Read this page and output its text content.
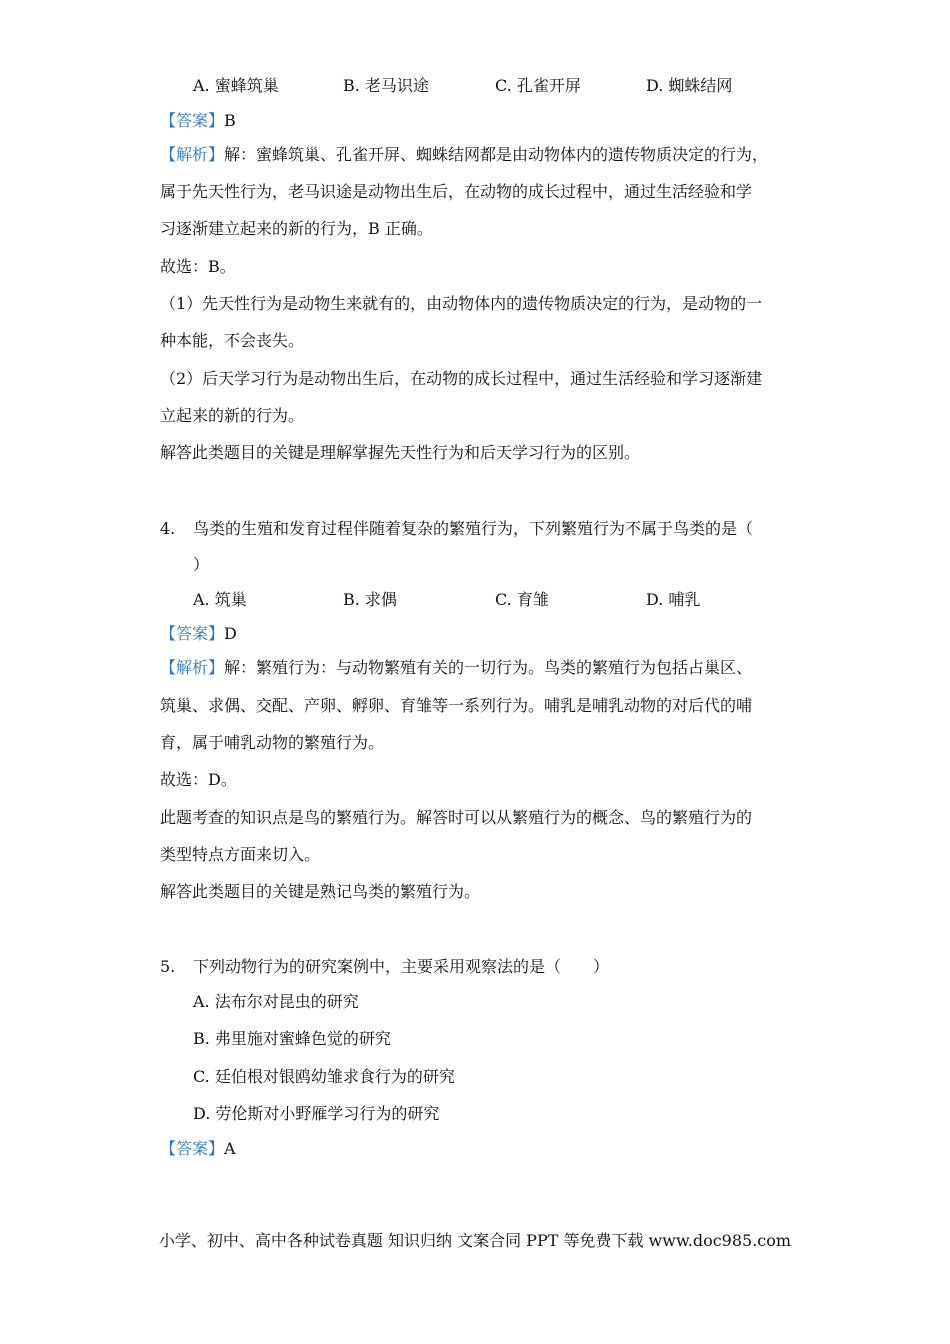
A. 蜜蜂筑巢	B. 老马识途	C. 孔雀开屏	D. 蜘蛛结网
【答案】B
【解析】解：蜜蜂筑巢、孔雀开屏、蜘蛛结网都是由动物体内的遗传物质决定的行为，
属于先天性行为，老马识途是动物出生后，在动物的成长过程中，通过生活经验和学
习逐渐建立起来的新的行为，B 正确。
故选：B。
（1）先天性行为是动物生来就有的，由动物体内的遗传物质决定的行为，是动物的一
种本能，不会丧失。
（2）后天学习行为是动物出生后，在动物的成长过程中，通过生活经验和学习逐渐建
立起来的新的行为。
解答此类题目的关键是理解掌握先天性行为和后天学习行为的区别。
4. 鸟类的生殖和发育过程伴随着复杂的繁殖行为，下列繁殖行为不属于鸟类的是（
）
A. 筑巢	B. 求偶	C. 育雏	D. 哺乳
【答案】D
【解析】解：繁殖行为：与动物繁殖有关的一切行为。鸟类的繁殖行为包括占巢区、
筑巢、求偶、交配、产卵、孵卵、育雏等一系列行为。哺乳是哺乳动物的对后代的哺
育，属于哺乳动物的繁殖行为。
故选：D。
此题考查的知识点是鸟的繁殖行为。解答时可以从繁殖行为的概念、鸟的繁殖行为的
类型特点方面来切入。
解答此类题目的关键是熟记鸟类的繁殖行为。
5. 下列动物行为的研究案例中，主要采用观察法的是（　　）
A. 法布尔对昆虫的研究
B. 弗里施对蜜蜂色觉的研究
C. 廷伯根对银鸥幼雏求食行为的研究
D. 劳伦斯对小野雁学习行为的研究
【答案】A
小学、初中、高中各种试卷真题 知识归纳 文案合同 PPT 等免费下载 www.doc985.com
